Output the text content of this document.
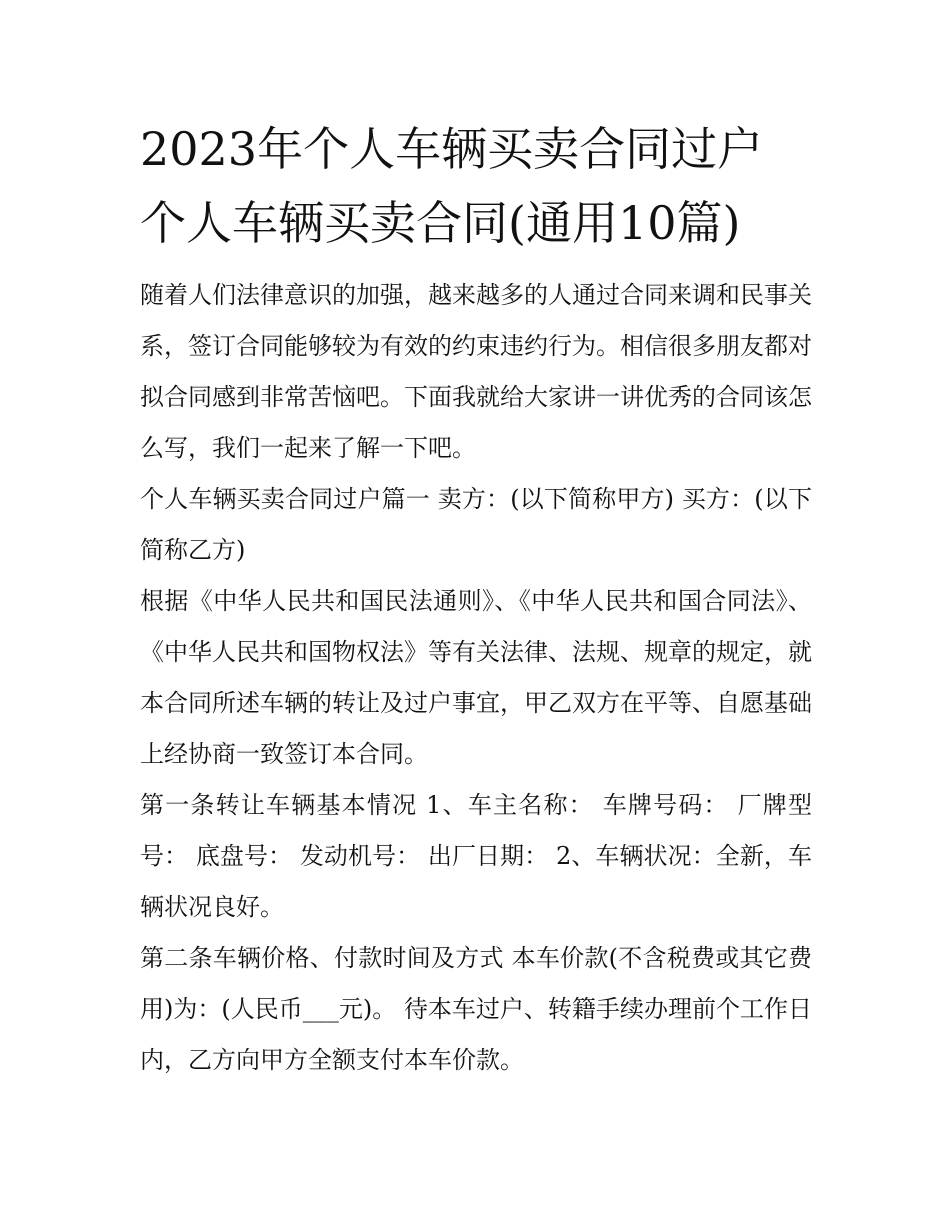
2023年个人车辆买卖合同过户 个人车辆买卖合同(通用10篇)

随着人们法律意识的加强，越来越多的人通过合同来调和民事关系，签订合同能够较为有效的约束违约行为。相信很多朋友都对拟合同感到非常苦恼吧。下面我就给大家讲一讲优秀的合同该怎么写，我们一起来了解一下吧。

个人车辆买卖合同过户篇一 卖方：(以下简称甲方) 买方：(以下简称乙方)

根据《中华人民共和国民法通则》、《中华人民共和国合同法》、《中华人民共和国物权法》等有关法律、法规、规章的规定，就本合同所述车辆的转让及过户事宜，甲乙双方在平等、自愿基础上经协商一致签订本合同。

第一条转让车辆基本情况 1、车主名称： 车牌号码： 厂牌型号： 底盘号： 发动机号： 出厂日期： 2、车辆状况：全新，车辆状况良好。

第二条车辆价格、付款时间及方式 本车价款(不含税费或其它费用)为：(人民币___元)。 待本车过户、转籍手续办理前个工作日内，乙方向甲方全额支付本车价款。
